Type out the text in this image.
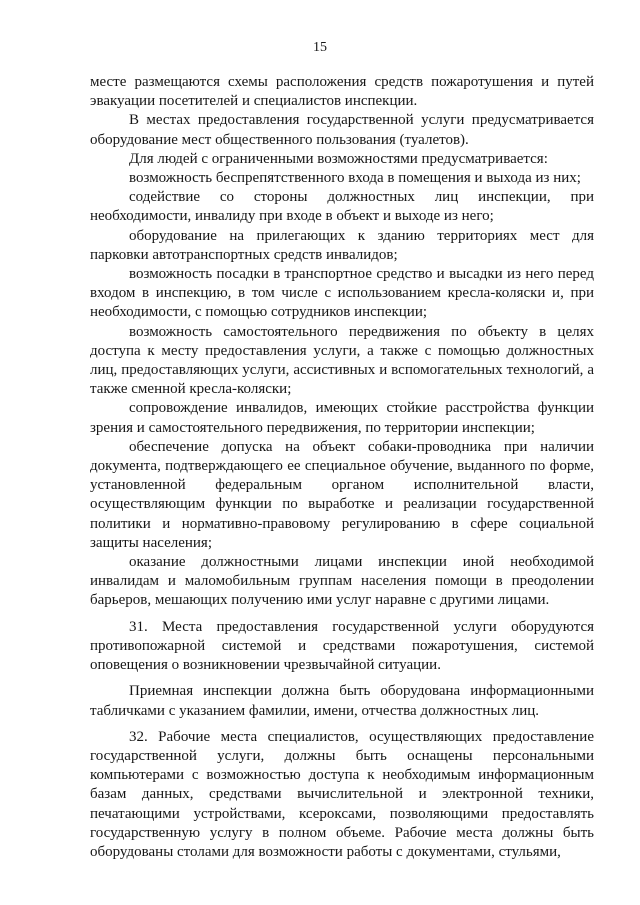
15

месте размещаются схемы расположения средств пожаротушения и путей эвакуации посетителей и специалистов инспекции.

В местах предоставления государственной услуги предусматривается оборудование мест общественного пользования (туалетов).

Для людей с ограниченными возможностями предусматривается:

возможность беспрепятственного входа в помещения и выхода из них;

содействие со стороны должностных лиц инспекции, при необходимости, инвалиду при входе в объект и выходе из него;

оборудование на прилегающих к зданию территориях мест для парковки автотранспортных средств инвалидов;

возможность посадки в транспортное средство и высадки из него перед входом в инспекцию, в том числе с использованием кресла-коляски и, при необходимости, с помощью сотрудников инспекции;

возможность самостоятельного передвижения по объекту в целях доступа к месту предоставления услуги, а также с помощью должностных лиц, предоставляющих услуги, ассистивных и вспомогательных технологий, а также сменной кресла-коляски;

сопровождение инвалидов, имеющих стойкие расстройства функции зрения и самостоятельного передвижения, по территории инспекции;

обеспечение допуска на объект собаки-проводника при наличии документа, подтверждающего ее специальное обучение, выданного по форме, установленной федеральным органом исполнительной власти, осуществляющим функции по выработке и реализации государственной политики и нормативно-правовому регулированию в сфере социальной защиты населения;

оказание должностными лицами инспекции иной необходимой инвалидам и маломобильным группам населения помощи в преодолении барьеров, мешающих получению ими услуг наравне с другими лицами.

31. Места предоставления государственной услуги оборудуются противопожарной системой и средствами пожаротушения, системой оповещения о возникновении чрезвычайной ситуации.

Приемная инспекции должна быть оборудована информационными табличками с указанием фамилии, имени, отчества должностных лиц.

32. Рабочие места специалистов, осуществляющих предоставление государственной услуги, должны быть оснащены персональными компьютерами с возможностью доступа к необходимым информационным базам данных, средствами вычислительной и электронной техники, печатающими устройствами, ксероксами, позволяющими предоставлять государственную услугу в полном объеме. Рабочие места должны быть оборудованы столами для возможности работы с документами, стульями,
